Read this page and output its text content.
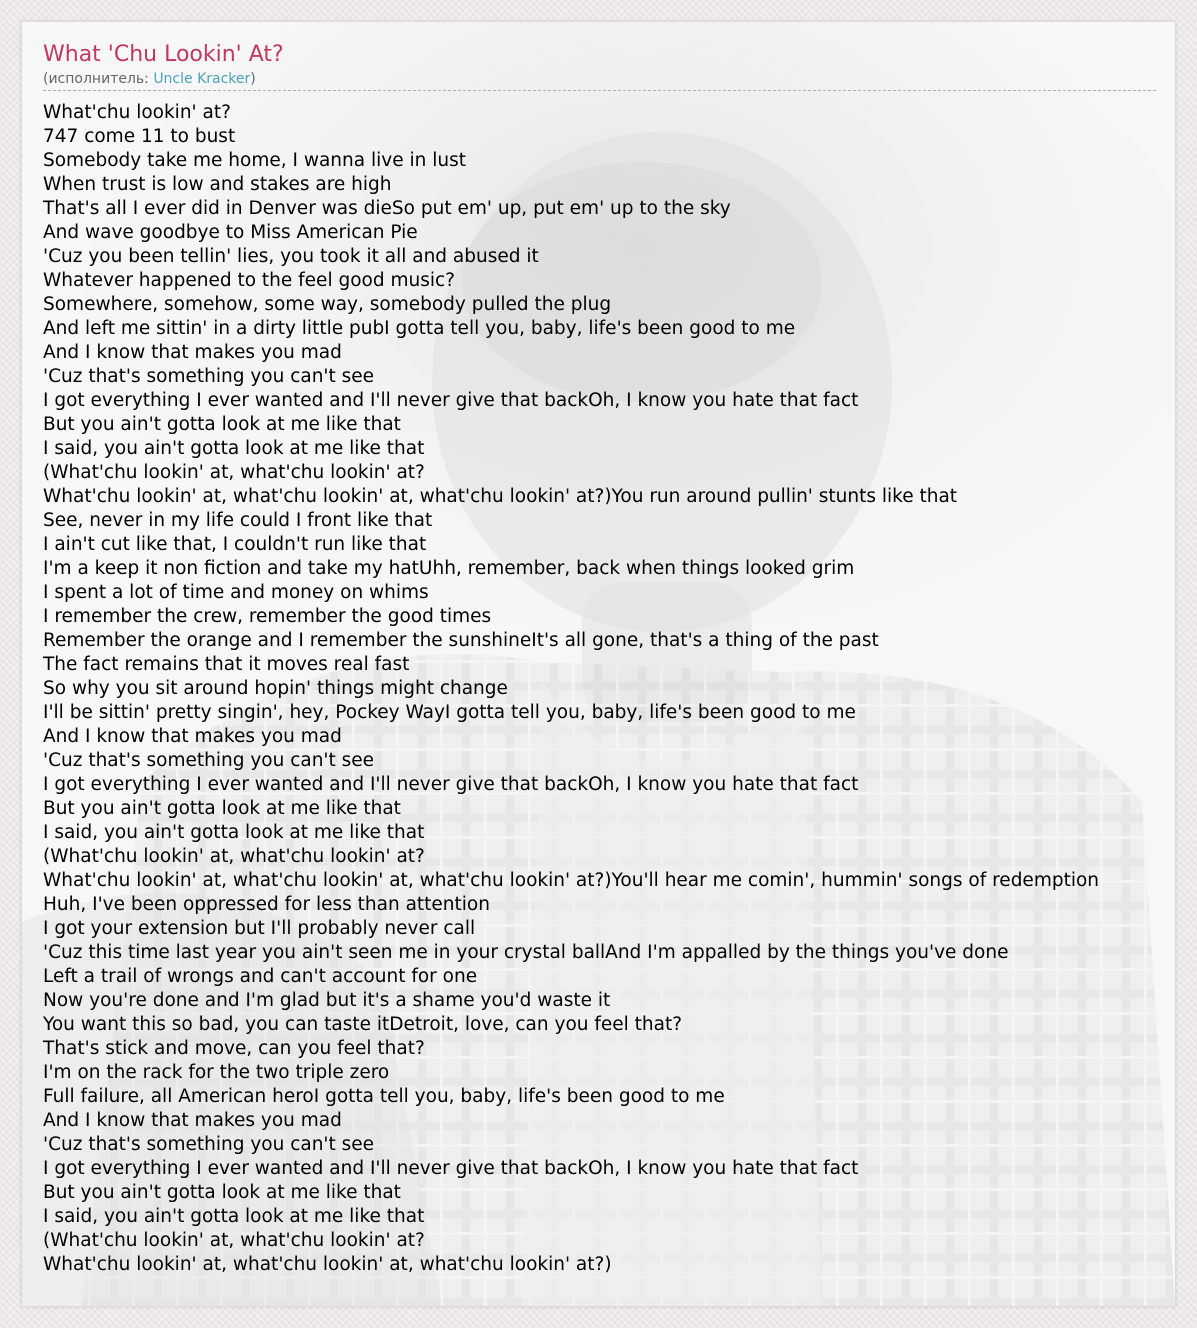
What 'Chu Lookin' At?
(исполнитель: Uncle Kracker)
What'chu lookin' at?
747 come 11 to bust
Somebody take me home, I wanna live in lust
When trust is low and stakes are high
That's all I ever did in Denver was dieSo put em' up, put em' up to the sky
And wave goodbye to Miss American Pie
'Cuz you been tellin' lies, you took it all and abused it
Whatever happened to the feel good music?
Somewhere, somehow, some way, somebody pulled the plug
And left me sittin' in a dirty little pubI gotta tell you, baby, life's been good to me
And I know that makes you mad
'Cuz that's something you can't see
I got everything I ever wanted and I'll never give that backOh, I know you hate that fact
But you ain't gotta look at me like that
I said, you ain't gotta look at me like that
(What'chu lookin' at, what'chu lookin' at?
What'chu lookin' at, what'chu lookin' at, what'chu lookin' at?)You run around pullin' stunts like that
See, never in my life could I front like that
I ain't cut like that, I couldn't run like that
I'm a keep it non fiction and take my hatUhh, remember, back when things looked grim
I spent a lot of time and money on whims
I remember the crew, remember the good times
Remember the orange and I remember the sunshineIt's all gone, that's a thing of the past
The fact remains that it moves real fast
So why you sit around hopin' things might change
I'll be sittin' pretty singin', hey, Pockey WayI gotta tell you, baby, life's been good to me
And I know that makes you mad
'Cuz that's something you can't see
I got everything I ever wanted and I'll never give that backOh, I know you hate that fact
But you ain't gotta look at me like that
I said, you ain't gotta look at me like that
(What'chu lookin' at, what'chu lookin' at?
What'chu lookin' at, what'chu lookin' at, what'chu lookin' at?)You'll hear me comin', hummin' songs of redemption
Huh, I've been oppressed for less than attention
I got your extension but I'll probably never call
'Cuz this time last year you ain't seen me in your crystal ballAnd I'm appalled by the things you've done
Left a trail of wrongs and can't account for one
Now you're done and I'm glad but it's a shame you'd waste it
You want this so bad, you can taste itDetroit, love, can you feel that?
That's stick and move, can you feel that?
I'm on the rack for the two triple zero
Full failure, all American heroI gotta tell you, baby, life's been good to me
And I know that makes you mad
'Cuz that's something you can't see
I got everything I ever wanted and I'll never give that backOh, I know you hate that fact
But you ain't gotta look at me like that
I said, you ain't gotta look at me like that
(What'chu lookin' at, what'chu lookin' at?
What'chu lookin' at, what'chu lookin' at, what'chu lookin' at?)
